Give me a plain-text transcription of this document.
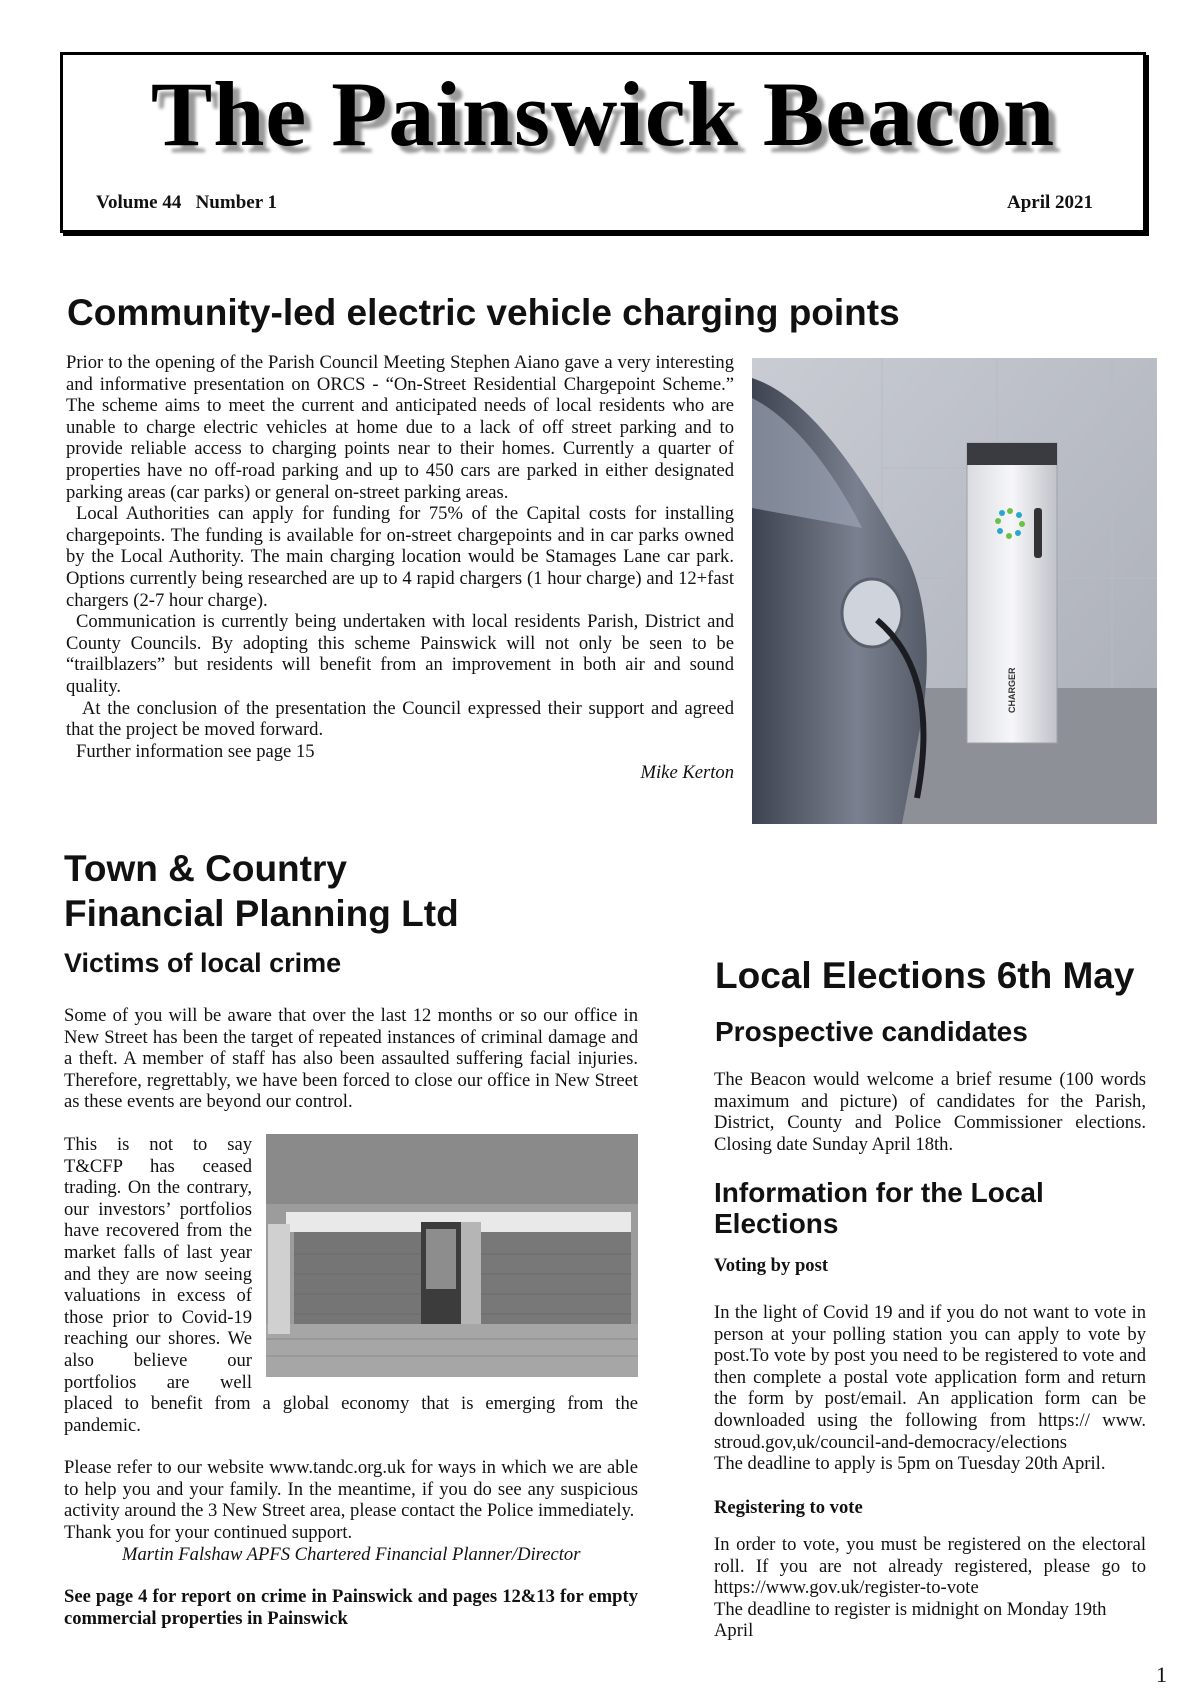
The Painswick Beacon
Volume 44   Number 1	April 2021
Community-led electric vehicle charging points

Prior to the opening of the Parish Council Meeting Stephen Aiano gave a very interesting and informative presentation on ORCS - “On-Street Residential Chargepoint Scheme.” The scheme aims to meet the current and anticipated needs of local residents who are unable to charge electric vehicles at home due to a lack of off street parking and to provide reliable access to charging points near to their homes. Currently a quarter of properties have no off-road parking and up to 450 cars are parked in either designated parking areas (car parks) or general on-street parking areas.

Local Authorities can apply for funding for 75% of the Capital costs for installing chargepoints. The funding is available for on-street chargepoints and in car parks owned by the Local Authority. The main charging location would be Stamages Lane car park. Options currently being researched are up to 4 rapid chargers (1 hour charge) and 12+fast chargers (2-7 hour charge).

Communication is currently being undertaken with local residents Parish, District and County Councils. By adopting this scheme Painswick will not only be seen to be “trailblazers” but residents will benefit from an improvement in both air and sound quality.

At the conclusion of the presentation the Council expressed their support and agreed that the project be moved forward.

Further information see page 15

Mike Kerton

CHARGER
Town & Country
Financial Planning Ltd
Victims of local crime

Some of you will be aware that over the last 12 months or so our office in New Street has been the target of repeated instances of criminal damage and a theft. A member of staff has also been assaulted suffering facial injuries. Therefore, regrettably, we have been forced to close our office in New Street as these events are beyond our control.

This is not to say T&CFP has ceased trading. On the contrary, our investors’ portfolios have recovered from the market falls of last year and they are now seeing valuations in excess of those prior to Covid-19 reaching our shores. We also believe our portfolios are well placed to benefit from a global economy that is emerging from the pandemic.

Please refer to our website www.tandc.org.uk for ways in which we are able to help you and your family. In the meantime, if you do see any suspicious activity around the 3 New Street area, please contact the Police immediately.

Thank you for your continued support.

Martin Falshaw APFS Chartered Financial Planner/Director

See page 4 for report on crime in Painswick and pages 12&13 for empty commercial properties in Painswick

Local Elections 6th May
Prospective candidates
The Beacon would welcome a brief resume (100 words maximum and picture) of candidates for the Parish, District, County and Police Commissioner elections. Closing date Sunday April 18th.
Information for the Local Elections
Voting by post

In the light of Covid 19 and if you do not want to vote in person at your polling station you can apply to vote by post.To vote by post you need to be registered to vote and then complete a postal vote application form and return the form by post/email. An application form can be downloaded using the following from https:// www. stroud.gov,uk/council-and-democracy/elections

The deadline to apply is 5pm on Tuesday 20th April.

Registering to vote

In order to vote, you must be registered on the electoral roll. If you are not already registered, please go to https://www.gov.uk/register-to-vote

The deadline to register is midnight on Monday 19th April

1
